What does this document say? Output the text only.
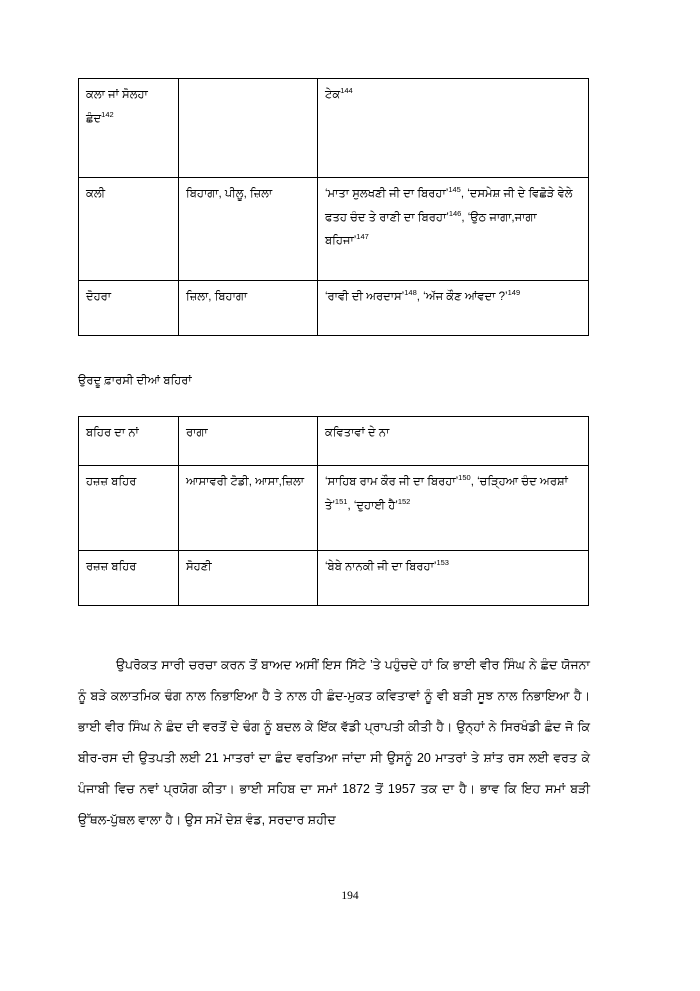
ਕਲਾ ਜਾਂ ਸੋਲਹਾ ਛੰਦ$^{142}$		ਟੇਕ$^{144}$
ਕਲੀ	ਬਿਹਾਗਾ, ਪੀਲੂ, ਜ਼ਿਲਾ	‘ਮਾਤਾ ਸੁਲਖਣੀ ਜੀ ਦਾ ਬਿਰਹਾ’$^{145}$, ‘ਦਸਮੇਸ਼ ਜੀ ਦੇ ਵਿਛੋੜੇ ਵੇਲੇ ਫਤਹ ਚੰਦ ਤੇ ਰਾਣੀ ਦਾ ਬਿਰਹਾ’$^{146}$, ‘ਉਠ ਜਾਗਾ,ਜਾਗਾ ਬਹਿਜਾ’$^{147}$
ਦੋਹਰਾ	ਜ਼ਿਲਾ, ਬਿਹਾਗਾ	‘ਰਾਵੀ ਦੀ ਅਰਦਾਸ’$^{148}$, ‘ਅੱਜ ਕੌਣ ਆਂਵਦਾ ?’$^{149}$
ਉਰਦੂ ਫ਼ਾਰਸੀ ਦੀਆਂ ਬਹਿਰਾਂ
ਬਹਿਰ ਦਾ ਨਾਂ	ਰਾਗਾ	ਕਵਿਤਾਵਾਂ ਦੇ ਨਾ
ਹਜ਼ਜ਼ ਬਹਿਰ	ਆਸਾਵਰੀ ਟੋਡੀ, ਆਸਾ,ਜ਼ਿਲਾ	‘ਸਾਹਿਬ ਰਾਮ ਕੌਰ ਜੀ ਦਾ ਬਿਰਹਾ’$^{150}$, ‘ਚੜ੍ਹਿਆ ਚੰਦ ਅਰਸ਼ਾਂ ਤੇ’$^{151}$, ‘ਦੁਹਾਈ ਹੈ’$^{152}$
ਰਜ਼ਜ਼ ਬਹਿਰ	ਸੋਹਣੀ	‘ਬੇਬੇ ਨਾਨਕੀ ਜੀ ਦਾ ਬਿਰਹਾ’$^{153}$

ਉਪਰੋਕਤ ਸਾਰੀ ਚਰਚਾ ਕਰਨ ਤੋਂ ਬਾਅਦ ਅਸੀਂ ਇਸ ਸਿੱਟੇ ’ਤੇ ਪਹੁੰਚਦੇ ਹਾਂ ਕਿ ਭਾਈ ਵੀਰ ਸਿੰਘ ਨੇ ਛੰਦ ਯੋਜਨਾ ਨੂੰ ਬੜੇ ਕਲਾਤਮਿਕ ਢੰਗ ਨਾਲ ਨਿਭਾਇਆ ਹੈ ਤੇ ਨਾਲ ਹੀ ਛੰਦ-ਮੁਕਤ ਕਵਿਤਾਵਾਂ ਨੂੰ ਵੀ ਬੜੀ ਸੂਝ ਨਾਲ ਨਿਭਾਇਆ ਹੈ। ਭਾਈ ਵੀਰ ਸਿੰਘ ਨੇ ਛੰਦ ਦੀ ਵਰਤੋਂ ਦੇ ਢੰਗ ਨੂੰ ਬਦਲ ਕੇ ਇੱਕ ਵੱਡੀ ਪ੍ਰਾਪਤੀ ਕੀਤੀ ਹੈ। ਉਨ੍ਹਾਂ ਨੇ ਸਿਰਖੰਡੀ ਛੰਦ ਜੋ ਕਿ ਬੀਰ-ਰਸ ਦੀ ਉਤਪਤੀ ਲਈ 21 ਮਾਤਰਾਂ ਦਾ ਛੰਦ ਵਰਤਿਆ ਜਾਂਦਾ ਸੀ ਉਸਨੂੰ 20 ਮਾਤਰਾਂ ਤੇ ਸ਼ਾਂਤ ਰਸ ਲਈ ਵਰਤ ਕੇ ਪੰਜਾਬੀ ਵਿਚ ਨਵਾਂ ਪ੍ਰਯੋਗ ਕੀਤਾ। ਭਾਈ ਸਹਿਬ ਦਾ ਸਮਾਂ 1872 ਤੋਂ 1957 ਤਕ ਦਾ ਹੈ। ਭਾਵ ਕਿ ਇਹ ਸਮਾਂ ਬੜੀ ਉੱਥਲ-ਪੁੱਥਲ ਵਾਲਾ ਹੈ। ਉਸ ਸਮੇਂ ਦੇਸ਼ ਵੰਡ, ਸਰਦਾਰ ਸ਼ਹੀਦ

194
